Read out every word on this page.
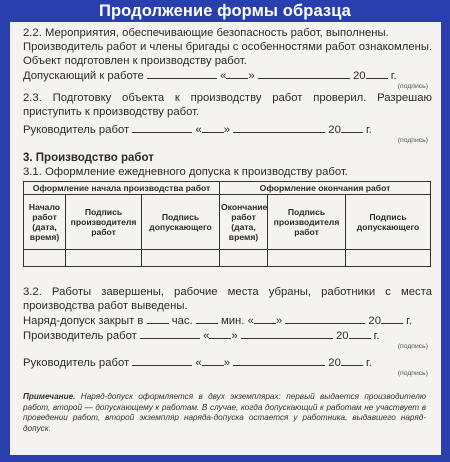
Продолжение формы образца
2.2. Мероприятия, обеспечивающие безопасность работ, выполнены.
Производитель работ и члены бригады с особенностями работ ознакомлены.
Объект подготовлен к производству работ.
Допускающий к работе	« »	20 г.
(подпись)
2.3. Подготовку объекта к производству работ проверил. Разрешаю
приступить к производству работ.
Руководитель работ	« »	20 г.
(подпись)
3. Производство работ
3.1. Оформление ежедневного допуска к производству работ.
Оформление начала производства работ			Оформление окончания работ		
Начало работ (дата, время)	Подпись производителя работ	Подпись допускающего	Окончание работ (дата, время)	Подпись производителя работ	Подпись допускающего

3.2. Работы завершены, рабочие места убраны, работники с места
производства работ выведены.
Наряд-допуск закрыт в	час.	мин. « »	20 г.
Производитель работ	« »	20 г.
(подпись)
Руководитель работ	« »	20 г.
(подпись)
Примечание. Наряд-допуск оформляется в двух экземплярах: первый выдается производителю работ, второй — допускающему к работам. В случае, когда допускающий к работам не участвует в проведении работ, второй экземпляр наряда-допуска остается у работника, выдавшего наряд-допуск.
